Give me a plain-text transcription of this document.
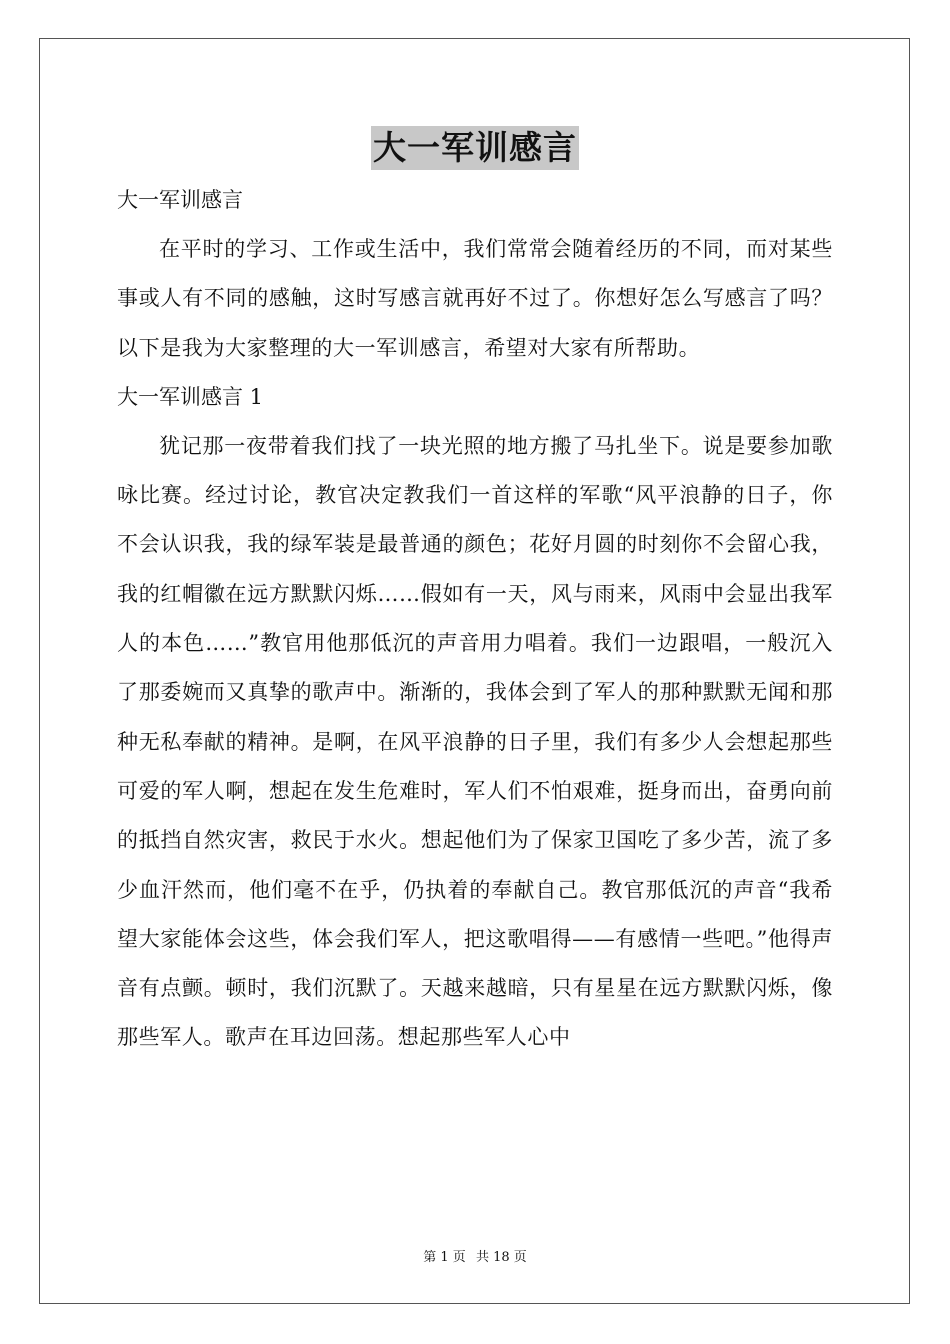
大一军训感言
大一军训感言

在平时的学习、工作或生活中，我们常常会随着经历的不同，而对某些事或人有不同的感触，这时写感言就再好不过了。你想好怎么写感言了吗？以下是我为大家整理的大一军训感言，希望对大家有所帮助。

大一军训感言 1

犹记那一夜带着我们找了一块光照的地方搬了马扎坐下。说是要参加歌咏比赛。经过讨论，教官决定教我们一首这样的军歌“风平浪静的日子，你不会认识我，我的绿军装是最普通的颜色；花好月圆的时刻你不会留心我，我的红帽徽在远方默默闪烁……假如有一天，风与雨来，风雨中会显出我军人的本色……”教官用他那低沉的声音用力唱着。我们一边跟唱，一般沉入了那委婉而又真挚的歌声中。渐渐的，我体会到了军人的那种默默无闻和那种无私奉献的精神。是啊，在风平浪静的日子里，我们有多少人会想起那些可爱的军人啊，想起在发生危难时，军人们不怕艰难，挺身而出，奋勇向前的抵挡自然灾害，救民于水火。想起他们为了保家卫国吃了多少苦，流了多少血汗然而，他们毫不在乎，仍执着的奉献自己。教官那低沉的声音“我希望大家能体会这些，体会我们军人，把这歌唱得——有感情一些吧。”他得声音有点颤。顿时，我们沉默了。天越来越暗，只有星星在远方默默闪烁，像那些军人。歌声在耳边回荡。想起那些军人心中

第 1 页 共 18 页
